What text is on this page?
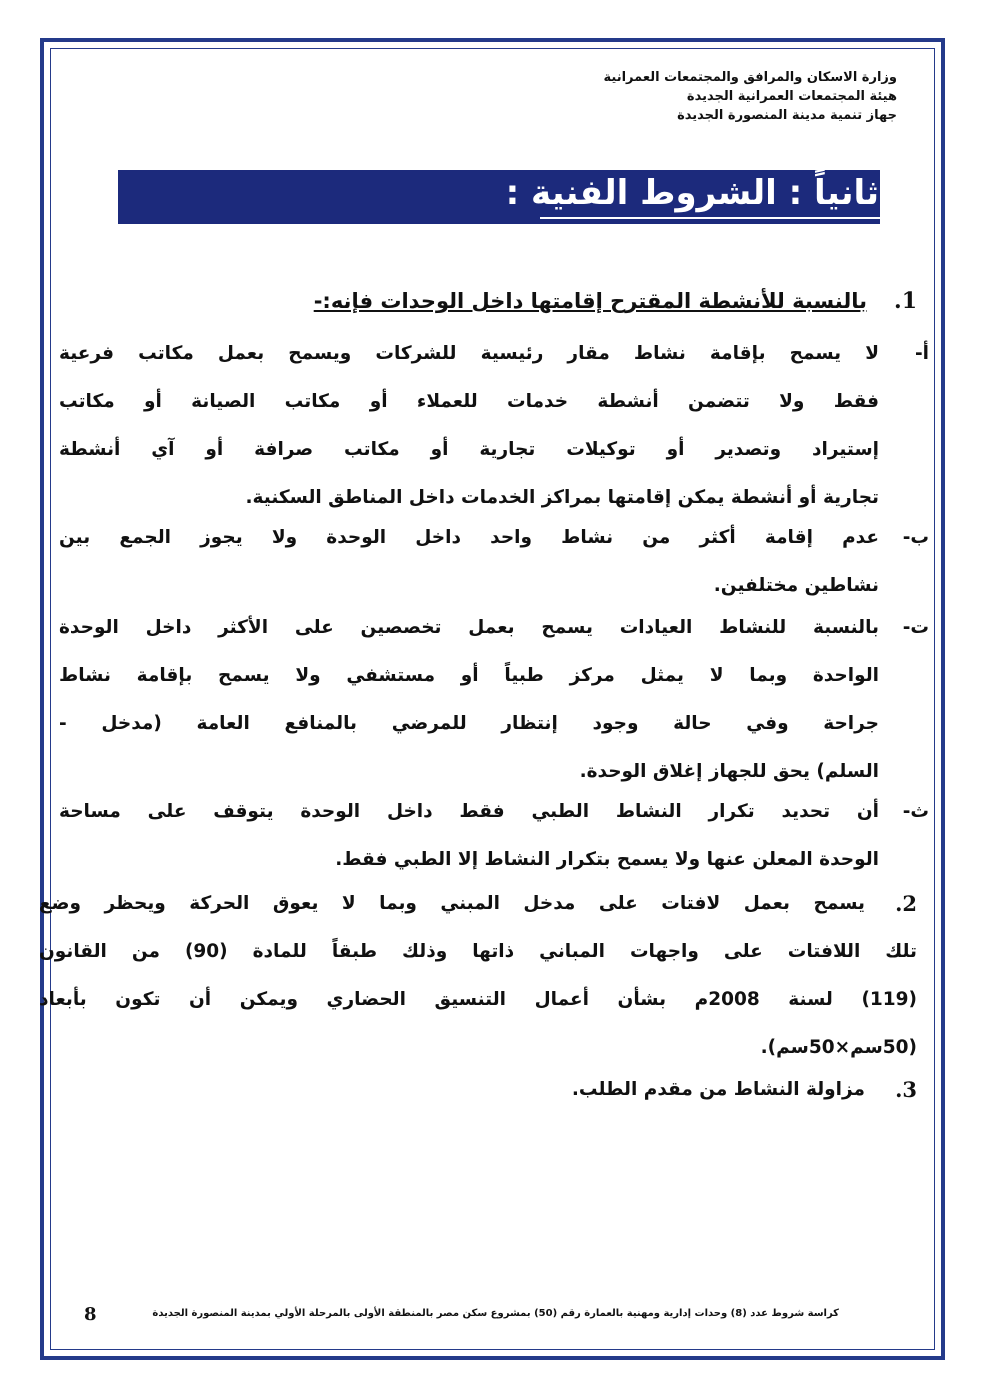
وزارة الاسكان والمرافق والمجتمعات العمرانية
هيئة المجتمعات العمرانية الجديدة
جهاز تنمية مدينة المنصورة الجديدة
ثانياً : الشروط الفنية :
1.
بالنسبة للأنشطة المقترح إقامتها داخل الوحدات فإنه:-
أ-

لا يسمح بإقامة نشاط مقار رئيسية للشركات ويسمح بعمل مكاتب فرعية

فقط ولا تتضمن أنشطة خدمات للعملاء أو مكاتب الصيانة أو مكاتب

إستيراد وتصدير أو توكيلات تجارية أو مكاتب صرافة أو آي أنشطة

تجارية أو أنشطة يمكن إقامتها بمراكز الخدمات داخل المناطق السكنية.

ب-

عدم إقامة أكثر من نشاط واحد داخل الوحدة ولا يجوز الجمع بين

نشاطين مختلفين.

ت-

بالنسبة للنشاط العيادات يسمح بعمل تخصصين على الأكثر داخل الوحدة

الواحدة وبما لا يمثل مركز طبياً أو مستشفي ولا يسمح بإقامة نشاط

جراحة وفي حالة وجود إنتظار للمرضي بالمنافع العامة (مدخل -

السلم) يحق للجهاز إغلاق الوحدة.

ث-

أن تحديد تكرار النشاط الطبي فقط داخل الوحدة يتوقف على مساحة

الوحدة المعلن عنها ولا يسمح بتكرار النشاط إلا الطبي فقط.

2.

يسمح بعمل لافتات على مدخل المبني وبما لا يعوق الحركة ويحظر وضع

تلك اللافتات على واجهات المباني ذاتها وذلك طبقاً للمادة (90) من القانون

(119) لسنة 2008م بشأن أعمال التنسيق الحضاري ويمكن أن تكون بأبعاد

(50سم×50سم).

3.

مزاولة النشاط من مقدم الطلب.

8	كراسة شروط عدد (8) وحدات إدارية ومهنية بالعمارة رقم (50) بمشروع سكن مصر بالمنطقة الأولى بالمرحلة الأولي بمدينة المنصورة الجديدة
